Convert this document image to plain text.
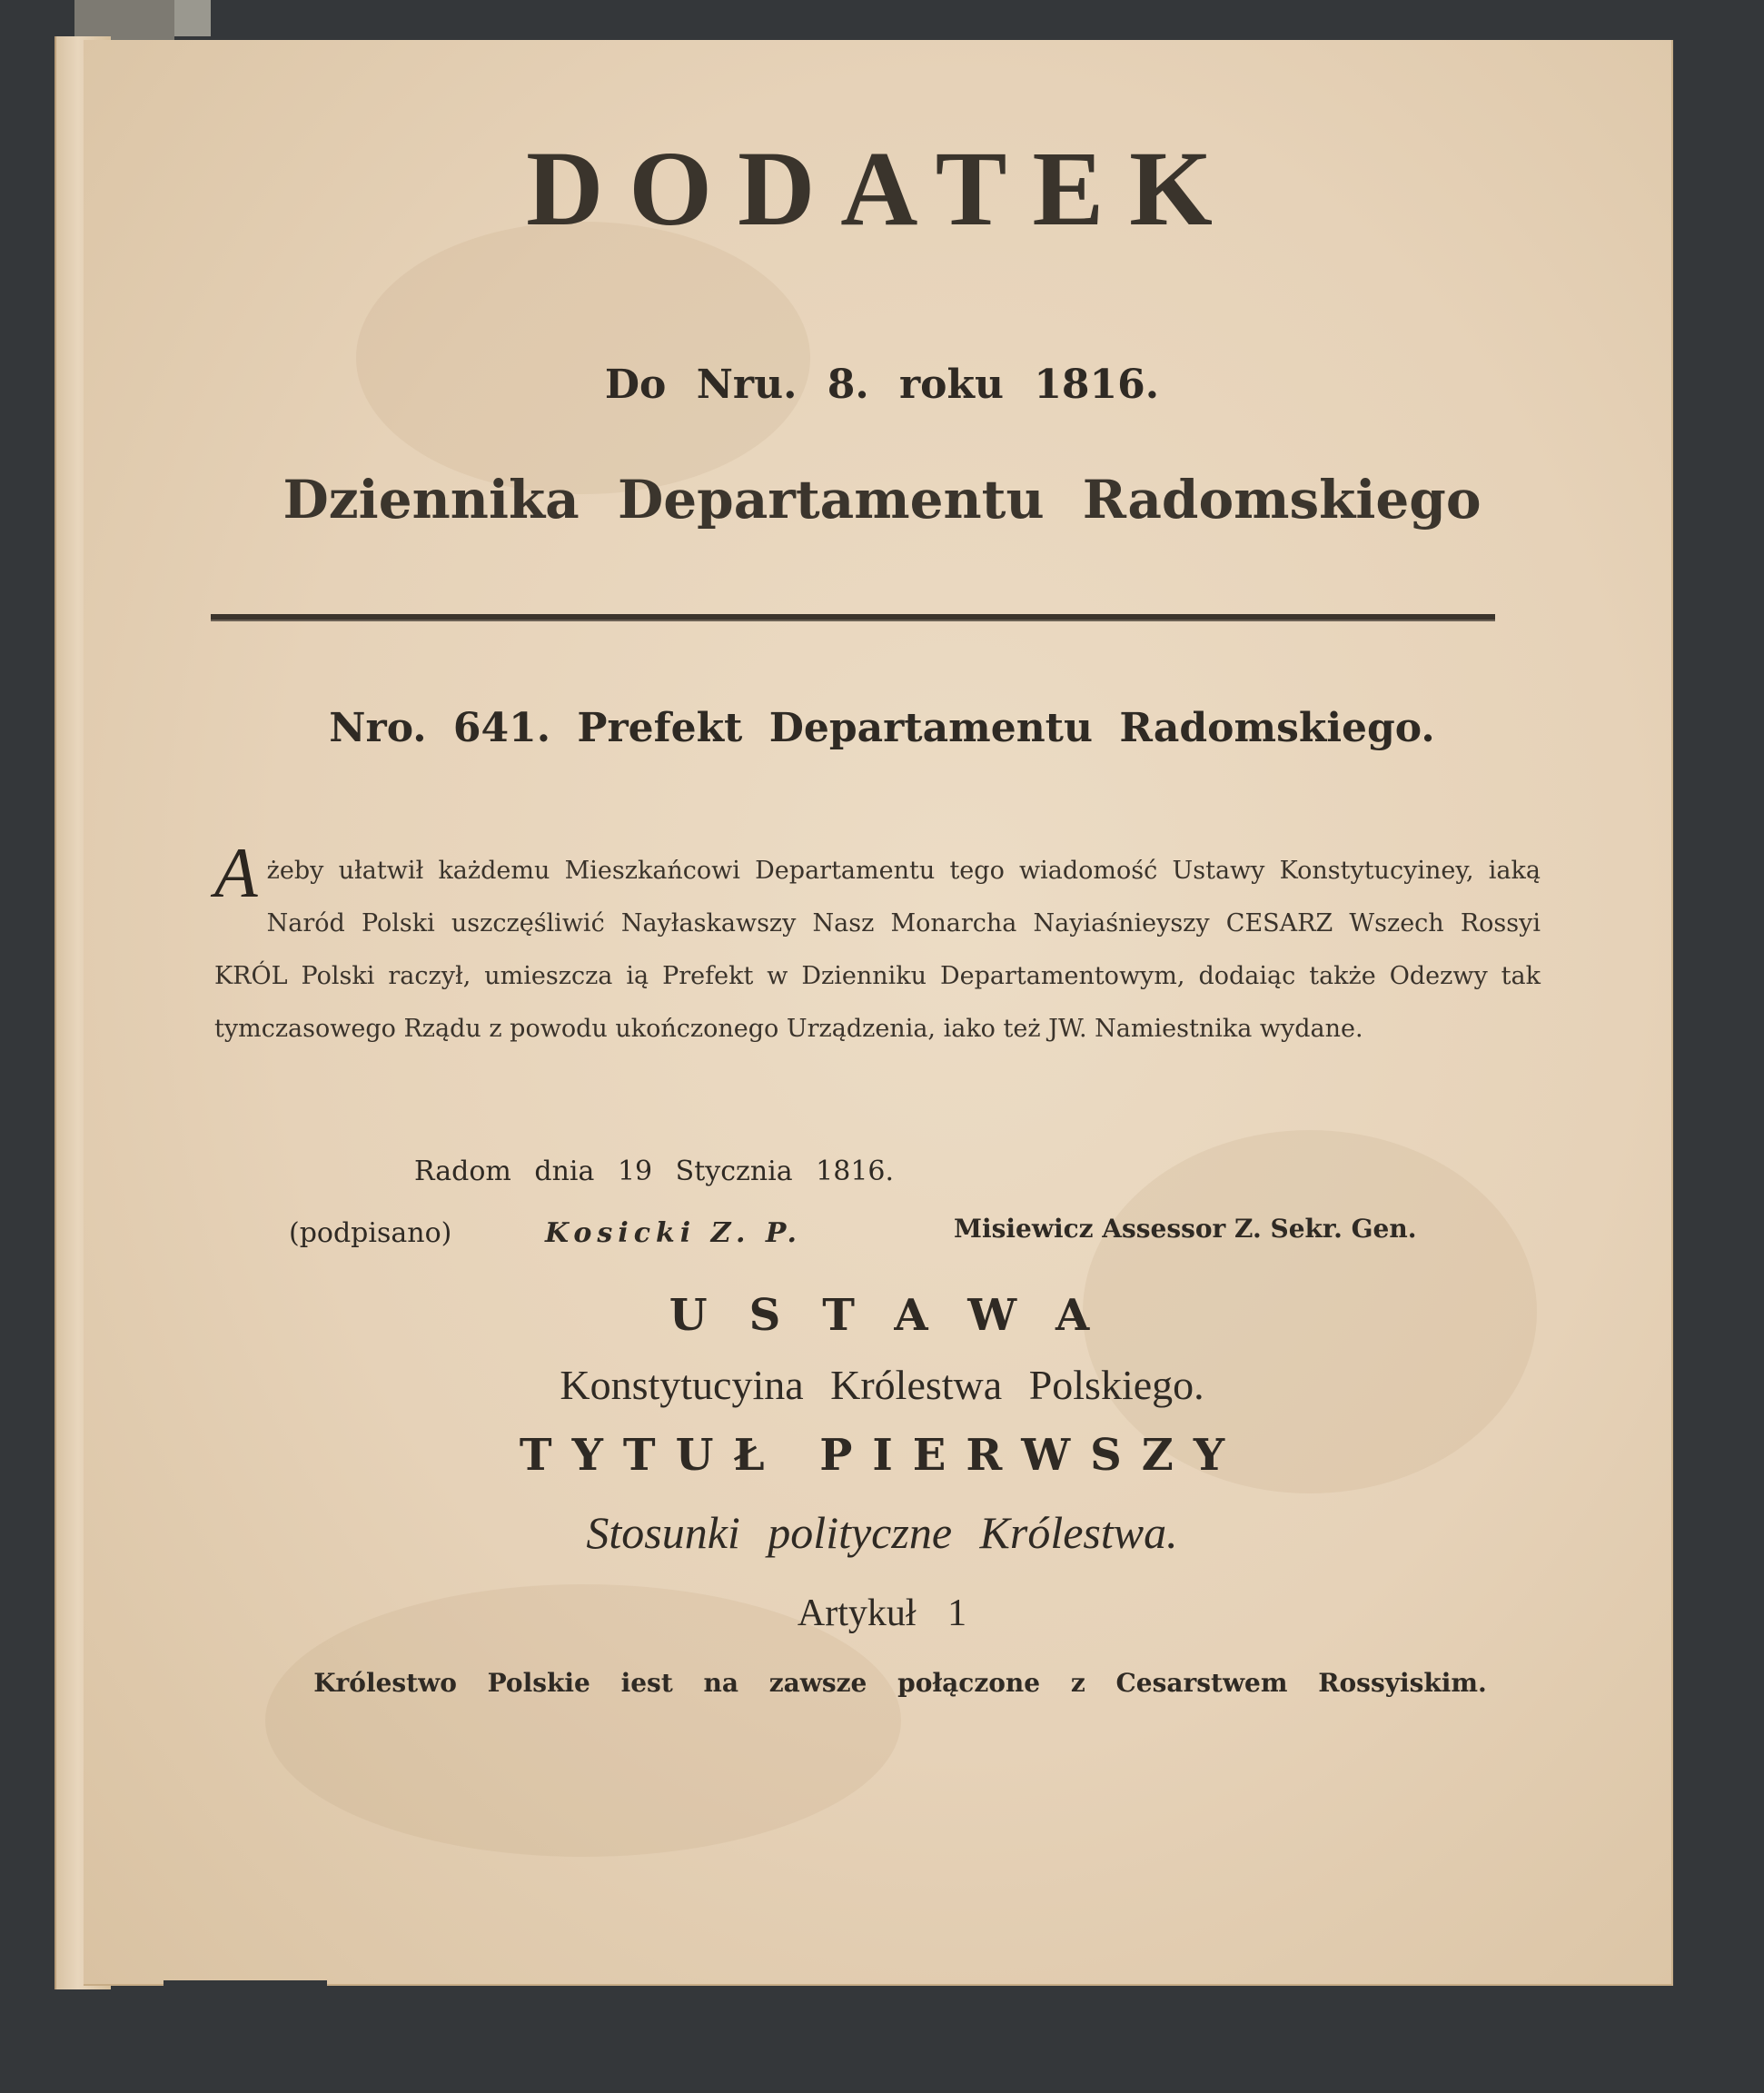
DODATEK
Do Nru. 8. roku 1816.
Dziennika Departamentu Radomskiego
Nro. 641. Prefekt Departamentu Radomskiego.
A żeby ułatwił każdemu Mieszkańcowi Departamentu tego wiadomość Ustawy Konstytucyiney, iaką Naród Polski uszczęśliwić Nayłaskawszy Nasz Monarcha Nayiaśnieyszy CESARZ Wszech Rossyi KRÓL Polski raczył, umieszcza ią Prefekt w Dzienniku Departamentowym, dodaiąc także Odezwy tak tymczasowego Rządu z powodu ukończonego Urządzenia, iako też JW. Namiestnika wydane.
Radom dnia 19 Stycznia 1816.
(podpisano)	Kosicki Z. P.	Misiewicz Assessor Z. Sekr. Gen.
USTAWA
Konstytucyina Królestwa Polskiego.
TYTUŁ PIERWSZY
Stosunki polityczne Królestwa.
Artykuł 1
Królestwo Polskie iest na zawsze połączone z Cesarstwem Rossyiskim.
